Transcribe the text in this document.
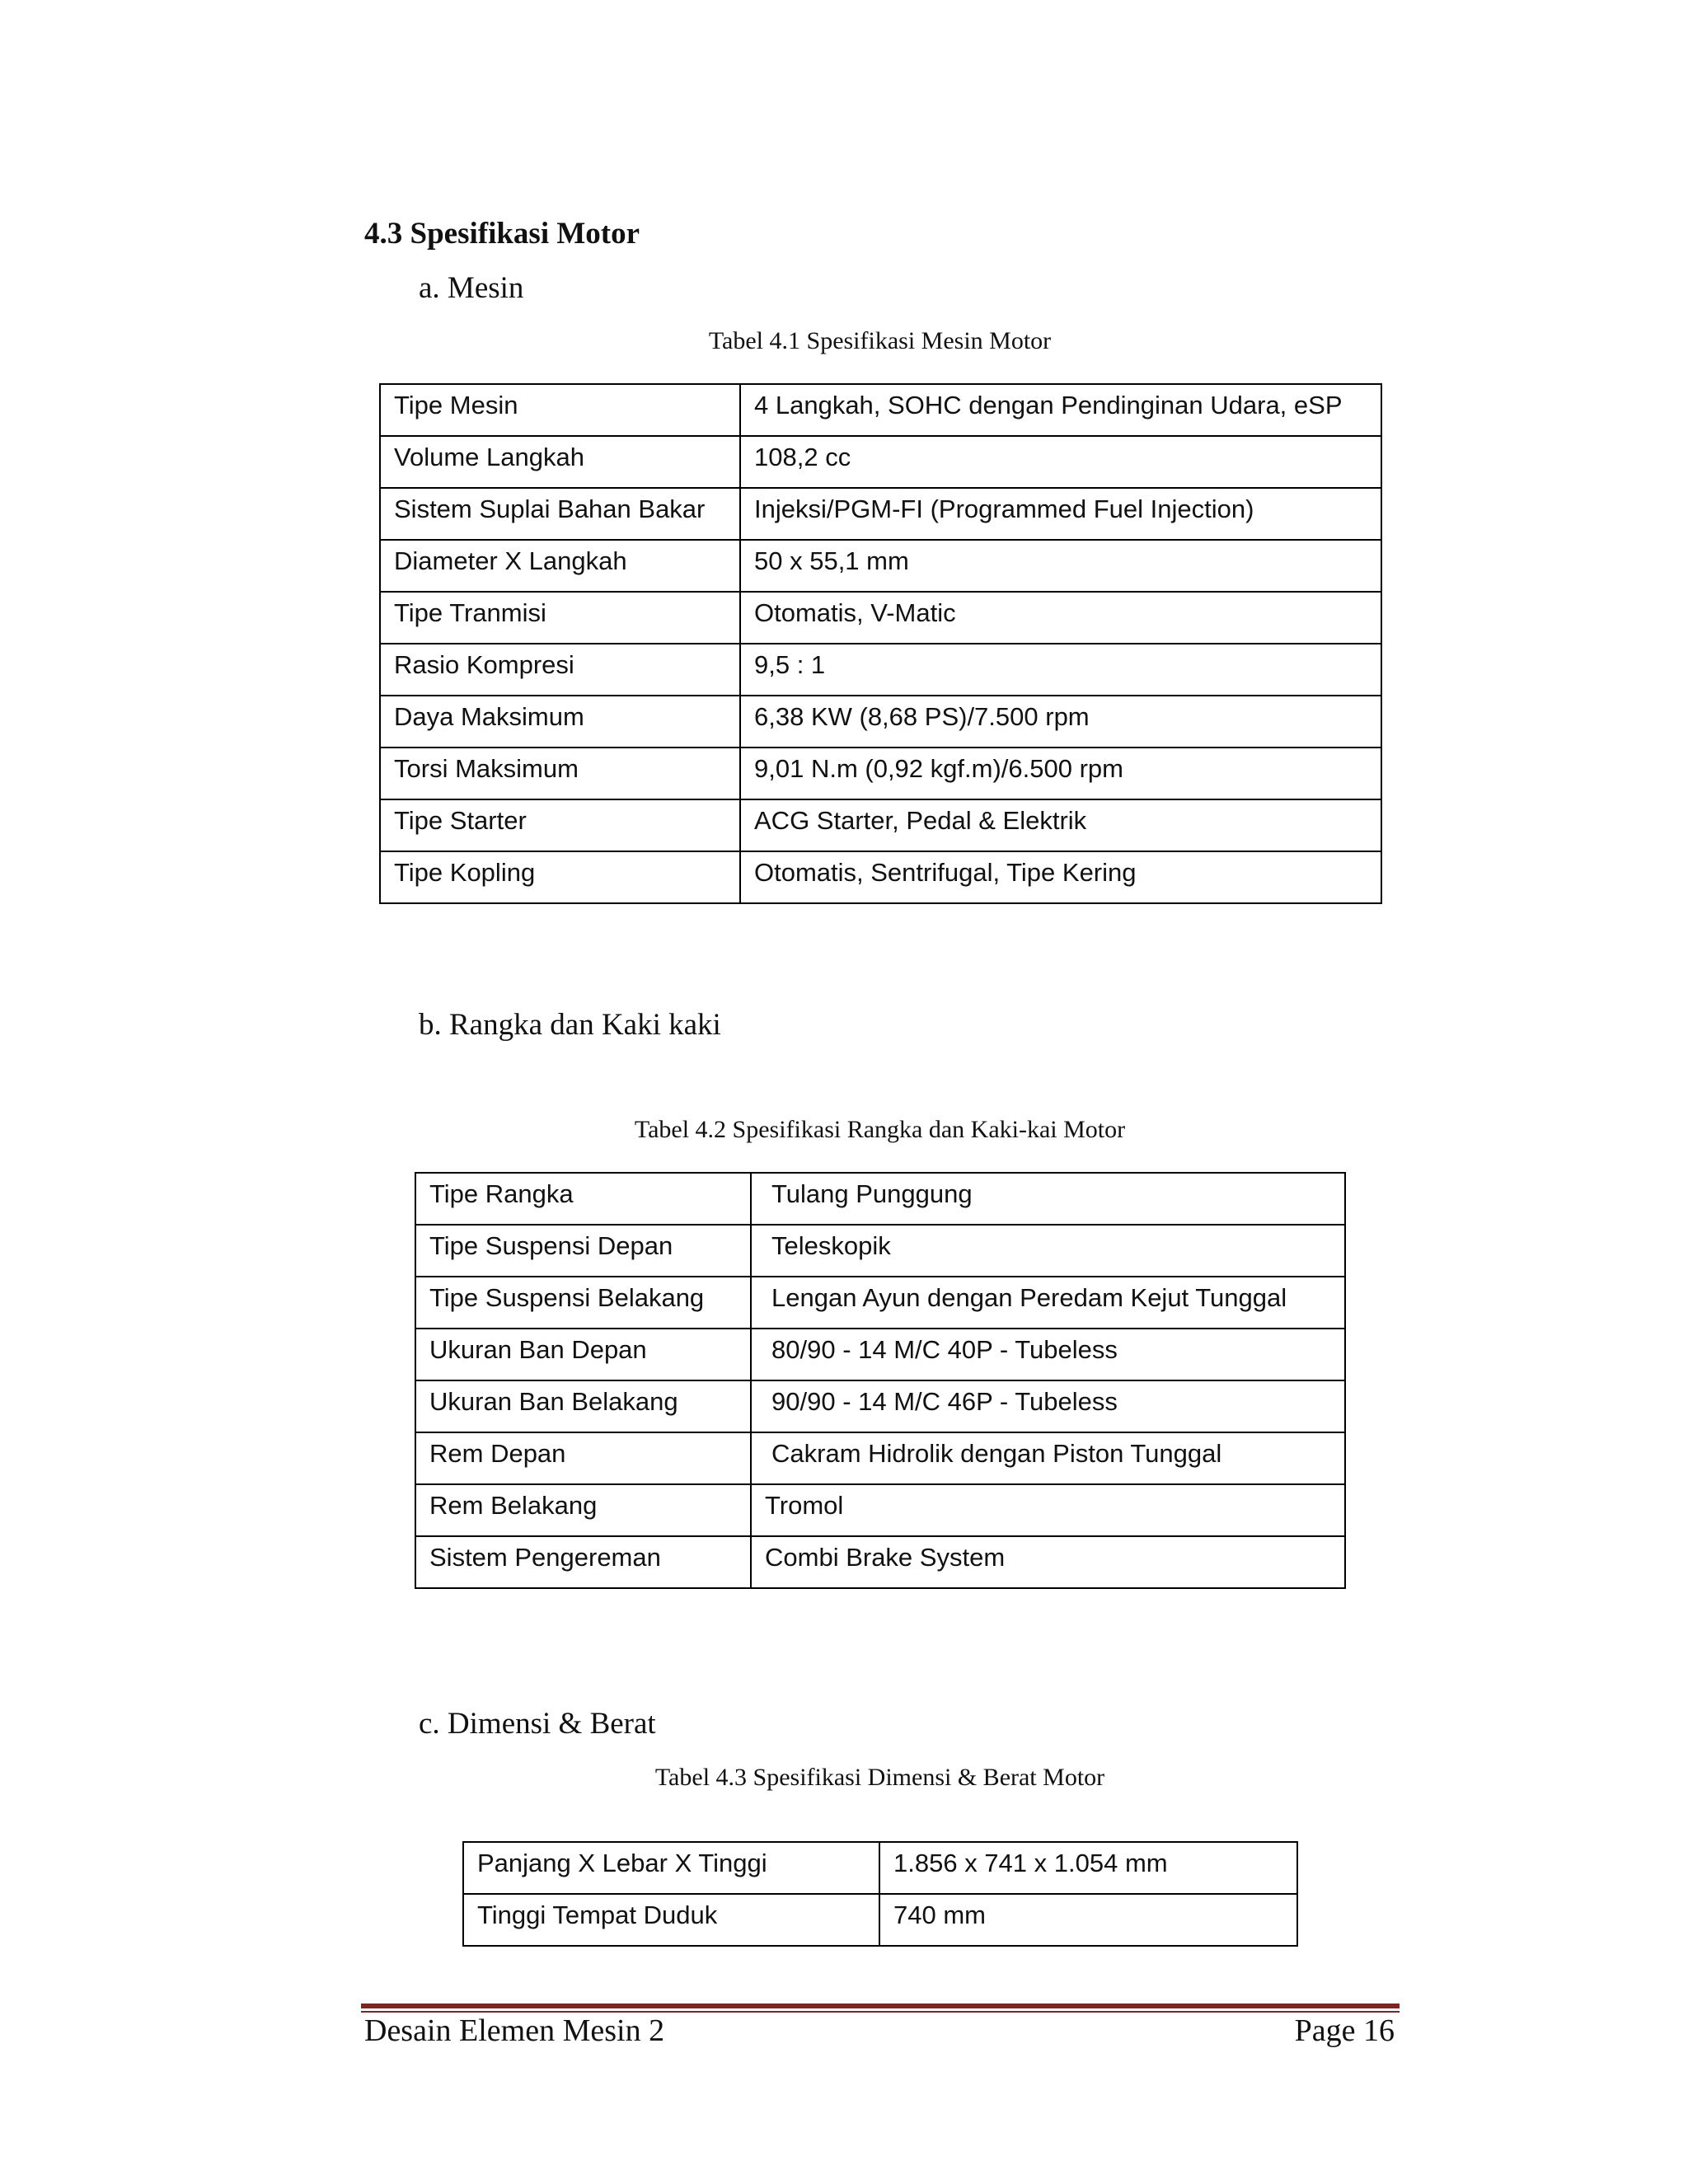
4.3 Spesifikasi Motor
a. Mesin
Tabel 4.1 Spesifikasi Mesin Motor
Tipe Mesin	4 Langkah, SOHC dengan Pendinginan Udara, eSP
Volume Langkah	108,2 cc
Sistem Suplai Bahan Bakar	Injeksi/PGM-FI (Programmed Fuel Injection)
Diameter X Langkah	50 x 55,1 mm
Tipe Tranmisi	Otomatis, V-Matic
Rasio Kompresi	9,5 : 1
Daya Maksimum	6,38 KW (8,68 PS)/7.500 rpm
Torsi Maksimum	9,01 N.m (0,92 kgf.m)/6.500 rpm
Tipe Starter	ACG Starter, Pedal & Elektrik
Tipe Kopling	Otomatis, Sentrifugal, Tipe Kering
b. Rangka dan Kaki kaki
Tabel 4.2 Spesifikasi Rangka dan Kaki-kai Motor
Tipe Rangka	Tulang Punggung
Tipe Suspensi Depan	Teleskopik
Tipe Suspensi Belakang	Lengan Ayun dengan Peredam Kejut Tunggal
Ukuran Ban Depan	80/90 - 14 M/C 40P - Tubeless
Ukuran Ban Belakang	90/90 - 14 M/C 46P - Tubeless
Rem Depan	Cakram Hidrolik dengan Piston Tunggal
Rem Belakang	Tromol
Sistem Pengereman	Combi Brake System
c. Dimensi & Berat
Tabel 4.3 Spesifikasi Dimensi & Berat Motor
Panjang X Lebar X Tinggi	1.856 x 741 x 1.054 mm
Tinggi Tempat Duduk	740 mm
Desain Elemen Mesin 2	Page 16
